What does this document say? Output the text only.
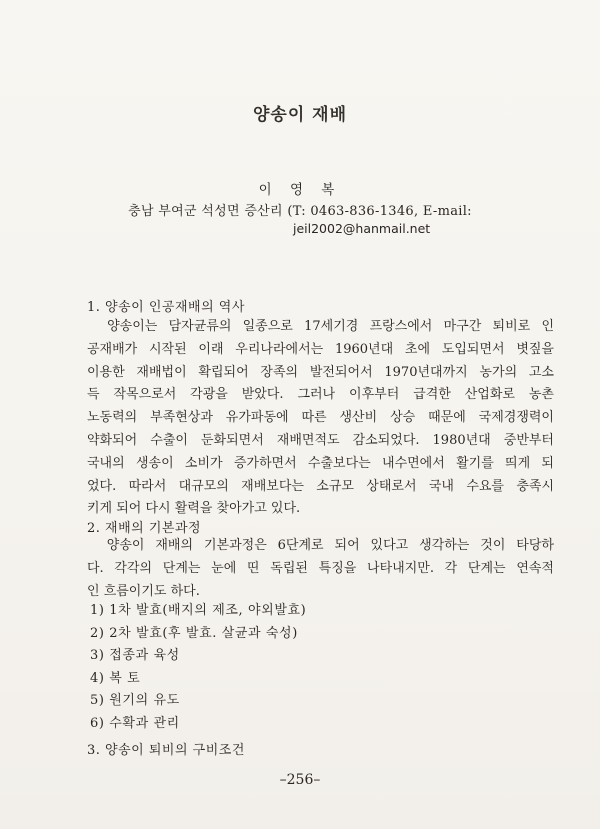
양송이 재배
이 영 복
충남 부여군 석성면 증산리 (T: 0463-836-1346, E-mail:
jeil2002@hanmail.net
1. 양송이 인공재배의 역사
　양송이는 담자균류의 일종으로 17세기경 프랑스에서 마구간 퇴비로 인
공재배가 시작된 이래 우리나라에서는 1960년대 초에 도입되면서 볏짚을
이용한 재배법이 확립되어 장족의 발전되어서 1970년대까지 농가의 고소
득 작목으로서 각광을 받았다. 그러나 이후부터 급격한 산업화로 농촌
노동력의 부족현상과 유가파동에 따른 생산비 상승 때문에 국제경쟁력이
약화되어 수출이 둔화되면서 재배면적도 감소되었다. 1980년대 중반부터
국내의 생송이 소비가 증가하면서 수출보다는 내수면에서 활기를 띄게 되
었다. 따라서 대규모의 재배보다는 소규모 상태로서 국내 수요를 충족시
키게 되어 다시 활력을 찾아가고 있다.
2. 재배의 기본과정
　양송이 재배의 기본과정은 6단계로 되어 있다고 생각하는 것이 타당하
다. 각각의 단계는 눈에 띤 독립된 특징을 나타내지만. 각 단계는 연속적
인 흐름이기도 하다.
1) 1차 발효(배지의 제조, 야외발효)
2) 2차 발효(후 발효. 살균과 숙성)
3) 접종과 육성
4) 복 토
5) 원기의 유도
6) 수확과 관리
3. 양송이 퇴비의 구비조건
–256–
